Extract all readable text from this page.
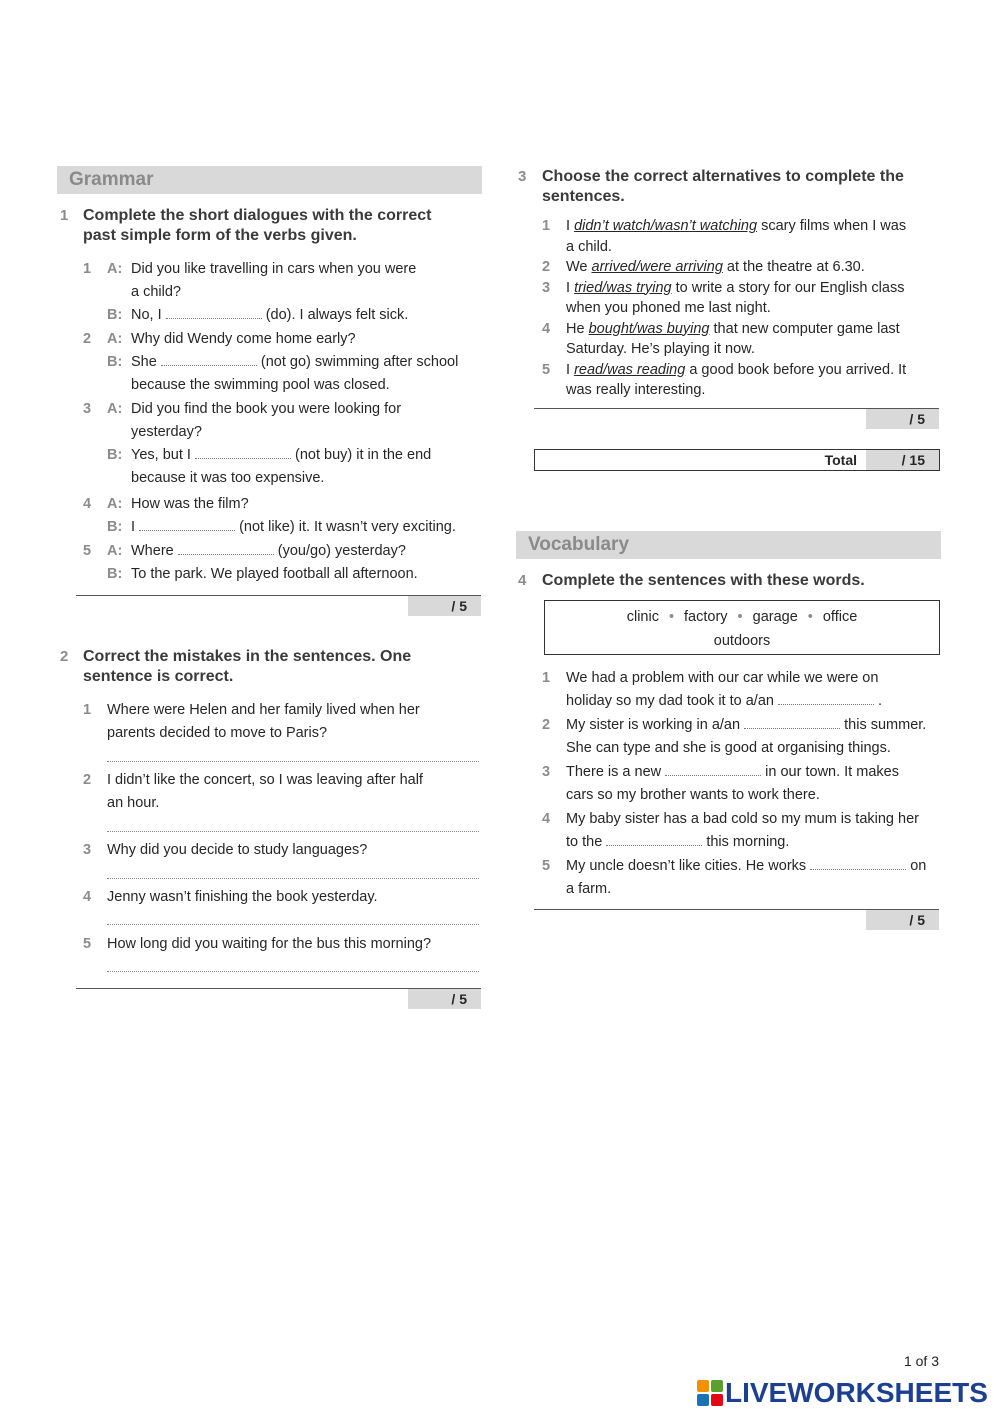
Grammar
1 Complete the short dialogues with the correct
past simple form of the verbs given.
1 A: Did you like travelling in cars when you were
a child?
B: No, I	(do). I always felt sick.
2 A: Why did Wendy come home early?
B: She	(not go) swimming after school
because the swimming pool was closed.
3 A: Did you find the book you were looking for
yesterday?
B: Yes, but I	(not buy) it in the end
because it was too expensive.
4 A: How was the film?
B: I	(not like) it. It wasn’t very exciting.
5 A: Where	(you/go) yesterday?
B: To the park. We played football all afternoon.
/ 5
2 Correct the mistakes in the sentences. One
sentence is correct.
1 Where were Helen and her family lived when her
parents decided to move to Paris?
2 I didn’t like the concert, so I was leaving after half
an hour.
3 Why did you decide to study languages?
4 Jenny wasn’t finishing the book yesterday.
5 How long did you waiting for the bus this morning?
/ 5
3 Choose the correct alternatives to complete the
sentences.
1 I didn’t watch/wasn’t watching scary films when I was
a child.
2 We arrived/were arriving at the theatre at 6.30.
3 I tried/was trying to write a story for our English class
when you phoned me last night.
4 He bought/was buying that new computer game last
Saturday. He’s playing it now.
5 I read/was reading a good book before you arrived. It
was really interesting.
/ 5
Total	/ 15
Vocabulary
4 Complete the sentences with these words.
clinic • factory • garage • office
outdoors
1 We had a problem with our car while we were on
holiday so my dad took it to a/an	.
2 My sister is working in a/an	this summer.
She can type and she is good at organising things.
3 There is a new	in our town. It makes
cars so my brother wants to work there.
4 My baby sister has a bad cold so my mum is taking her
to the	this morning.
5 My uncle doesn’t like cities. He works	on
a farm.
/ 5
1 of 3
LIVEWORKSHEETS
